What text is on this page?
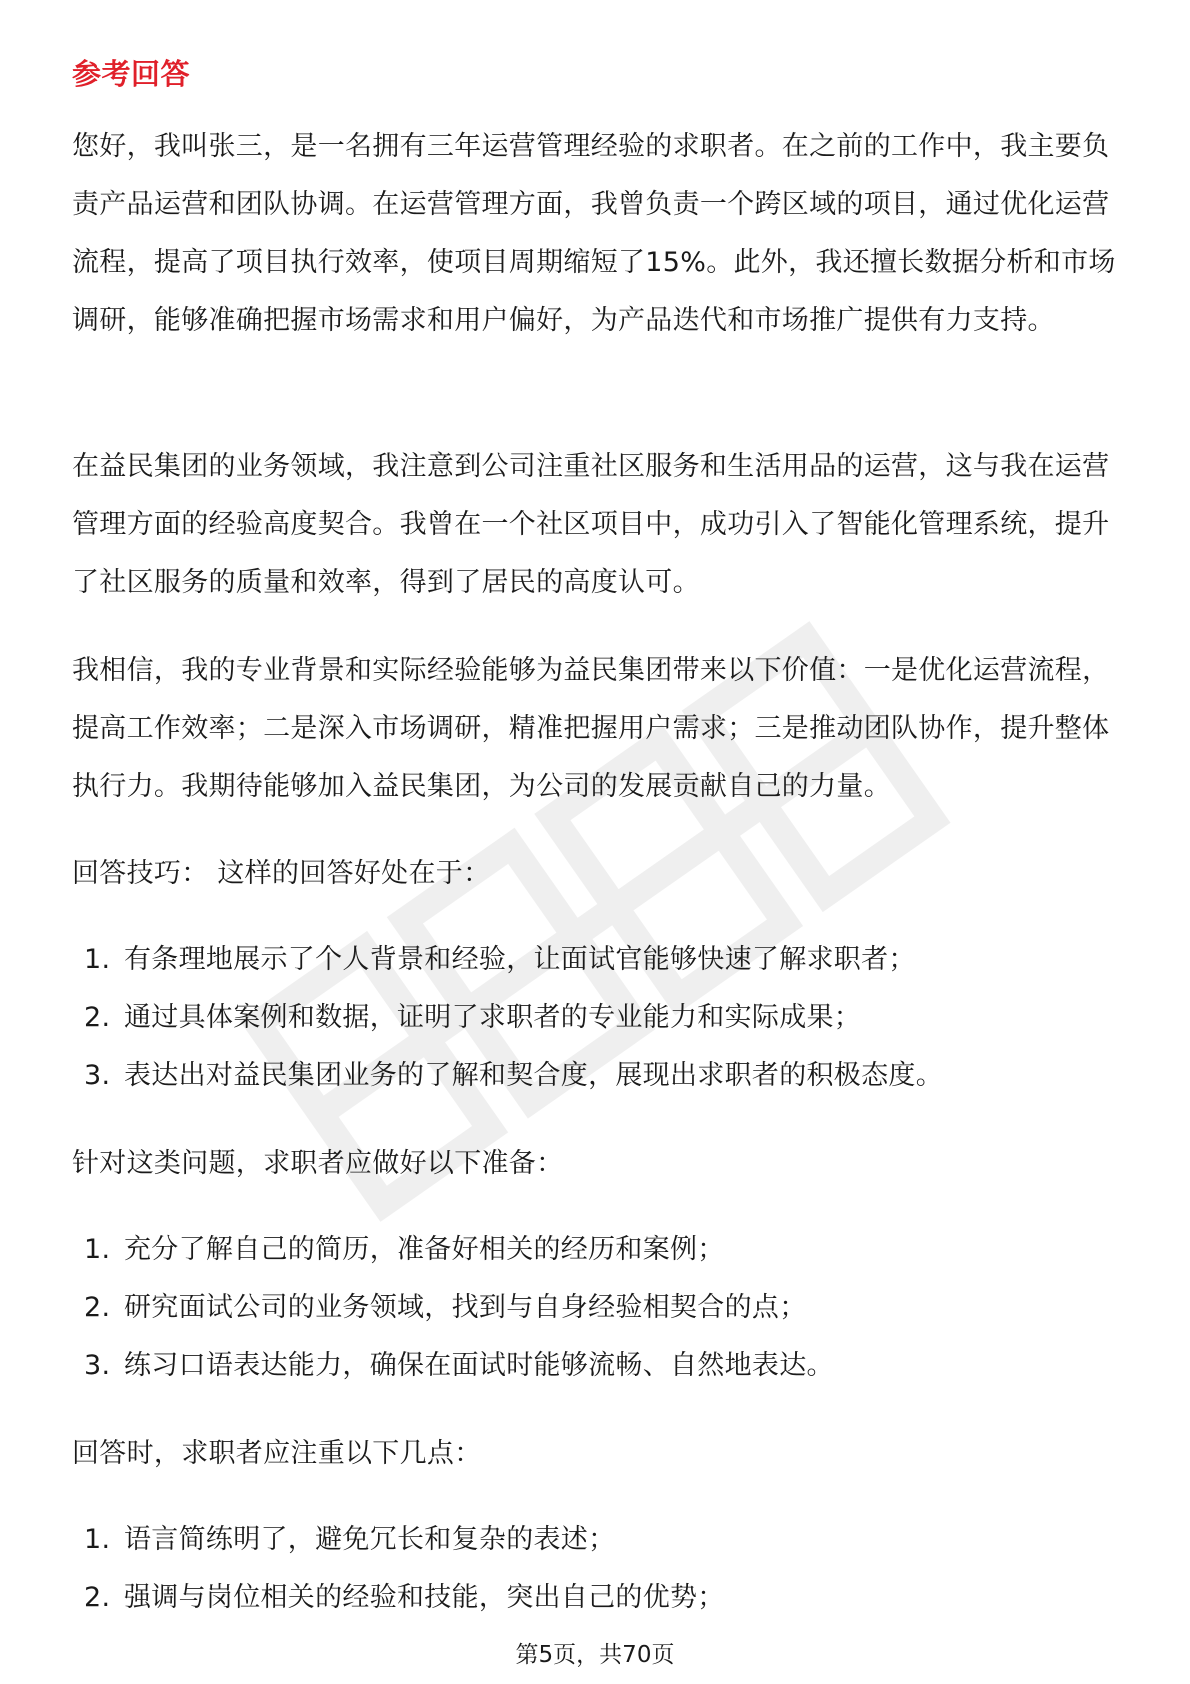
参考回答

您好，我叫张三，是一名拥有三年运营管理经验的求职者。在之前的工作中，我主要负责产品运营和团队协调。在运营管理方面，我曾负责一个跨区域的项目，通过优化运营流程，提高了项目执行效率，使项目周期缩短了15%。此外，我还擅长数据分析和市场调研，能够准确把握市场需求和用户偏好，为产品迭代和市场推广提供有力支持。

在益民集团的业务领域，我注意到公司注重社区服务和生活用品的运营，这与我在运营管理方面的经验高度契合。我曾在一个社区项目中，成功引入了智能化管理系统，提升了社区服务的质量和效率，得到了居民的高度认可。

我相信，我的专业背景和实际经验能够为益民集团带来以下价值：一是优化运营流程，提高工作效率；二是深入市场调研，精准把握用户需求；三是推动团队协作，提升整体执行力。我期待能够加入益民集团，为公司的发展贡献自己的力量。

回答技巧： 这样的回答好处在于：
1. 有条理地展示了个人背景和经验，让面试官能够快速了解求职者；
2. 通过具体案例和数据，证明了求职者的专业能力和实际成果；
3. 表达出对益民集团业务的了解和契合度，展现出求职者的积极态度。
针对这类问题，求职者应做好以下准备：
1. 充分了解自己的简历，准备好相关的经历和案例；
2. 研究面试公司的业务领域，找到与自身经验相契合的点；
3. 练习口语表达能力，确保在面试时能够流畅、自然地表达。
回答时，求职者应注重以下几点：
1. 语言简练明了，避免冗长和复杂的表述；
2. 强调与岗位相关的经验和技能，突出自己的优势；
第5页，共70页
